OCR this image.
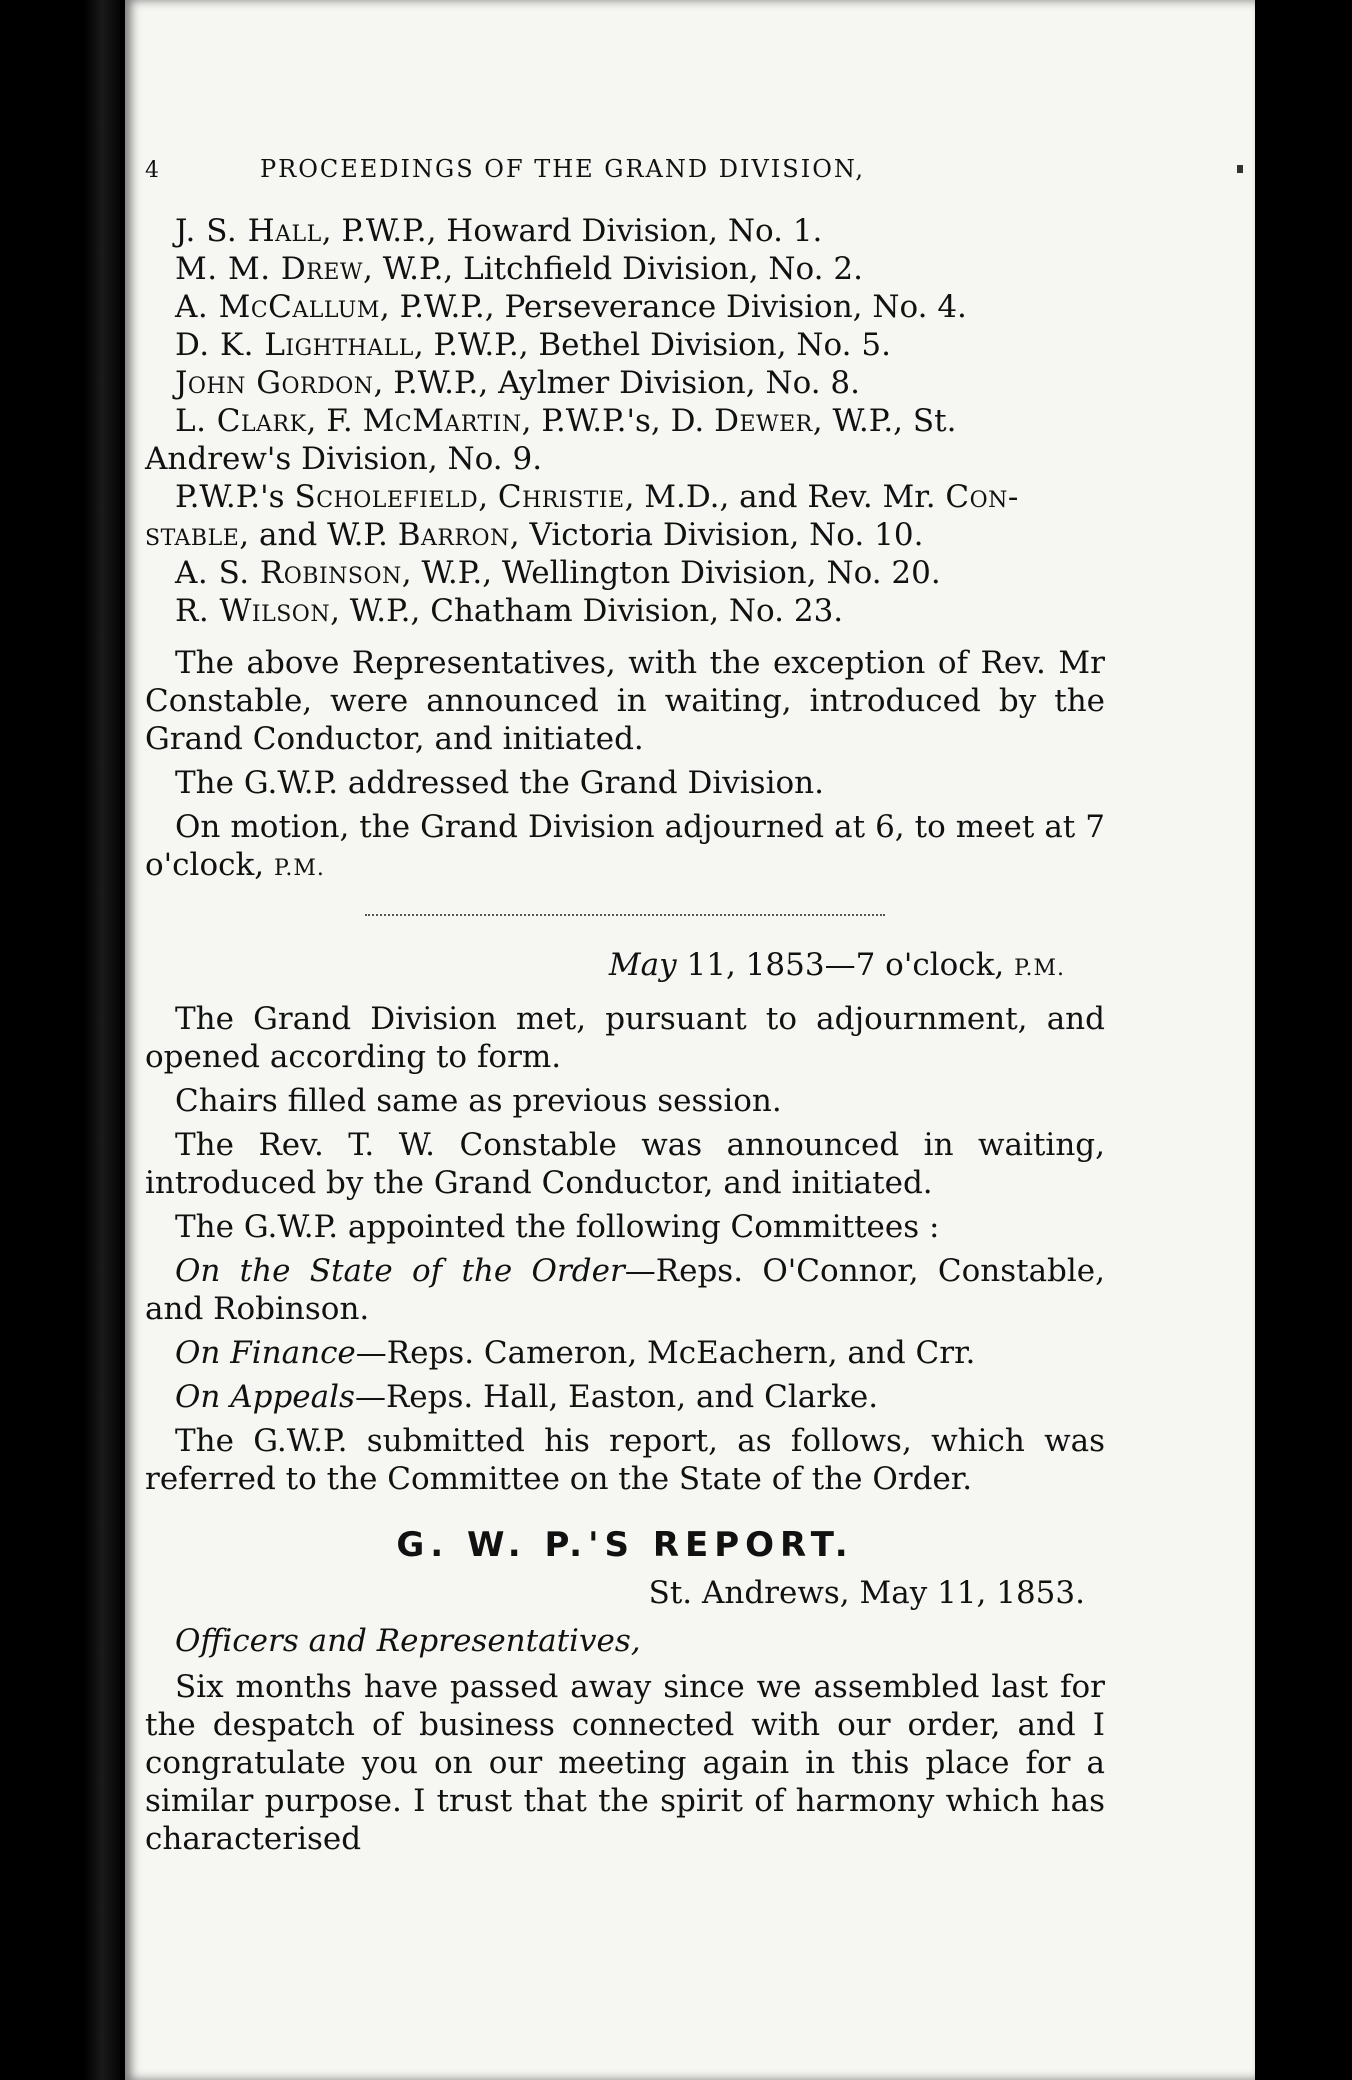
4	PROCEEDINGS OF THE GRAND DIVISION,
J. S. Hall, P.W.P., Howard Division, No. 1.
M. M. Drew, W.P., Litchfield Division, No. 2.
A. McCallum, P.W.P., Perseverance Division, No. 4.
D. K. Lighthall, P.W.P., Bethel Division, No. 5.
John Gordon, P.W.P., Aylmer Division, No. 8.
L. Clark, F. McMartin, P.W.P.'s, D. Dewer, W.P., St.
Andrew's Division, No. 9.
P.W.P.'s Scholefield, Christie, M.D., and Rev. Mr. Con-
stable, and W.P. Barron, Victoria Division, No. 10.
A. S. Robinson, W.P., Wellington Division, No. 20.
R. Wilson, W.P., Chatham Division, No. 23.

The above Representatives, with the exception of Rev. Mr Constable, were announced in waiting, introduced by the Grand Conductor, and initiated.

The G.W.P. addressed the Grand Division.

On motion, the Grand Division adjourned at 6, to meet at 7 o'clock, P.M.

May 11, 1853—7 o'clock, P.M.

The Grand Division met, pursuant to adjournment, and opened according to form.

Chairs filled same as previous session.

The Rev. T. W. Constable was announced in waiting, introduced by the Grand Conductor, and initiated.

The G.W.P. appointed the following Committees :

On the State of the Order—Reps. O'Connor, Constable, and Robinson.

On Finance—Reps. Cameron, McEachern, and Crr.

On Appeals—Reps. Hall, Easton, and Clarke.

The G.W.P. submitted his report, as follows, which was referred to the Committee on the State of the Order.

G. W. P.'S REPORT.
St. Andrews, May 11, 1853.
Officers and Representatives,

Six months have passed away since we assembled last for the despatch of business connected with our order, and I congratulate you on our meeting again in this place for a similar purpose. I trust that the spirit of harmony which has characterised
